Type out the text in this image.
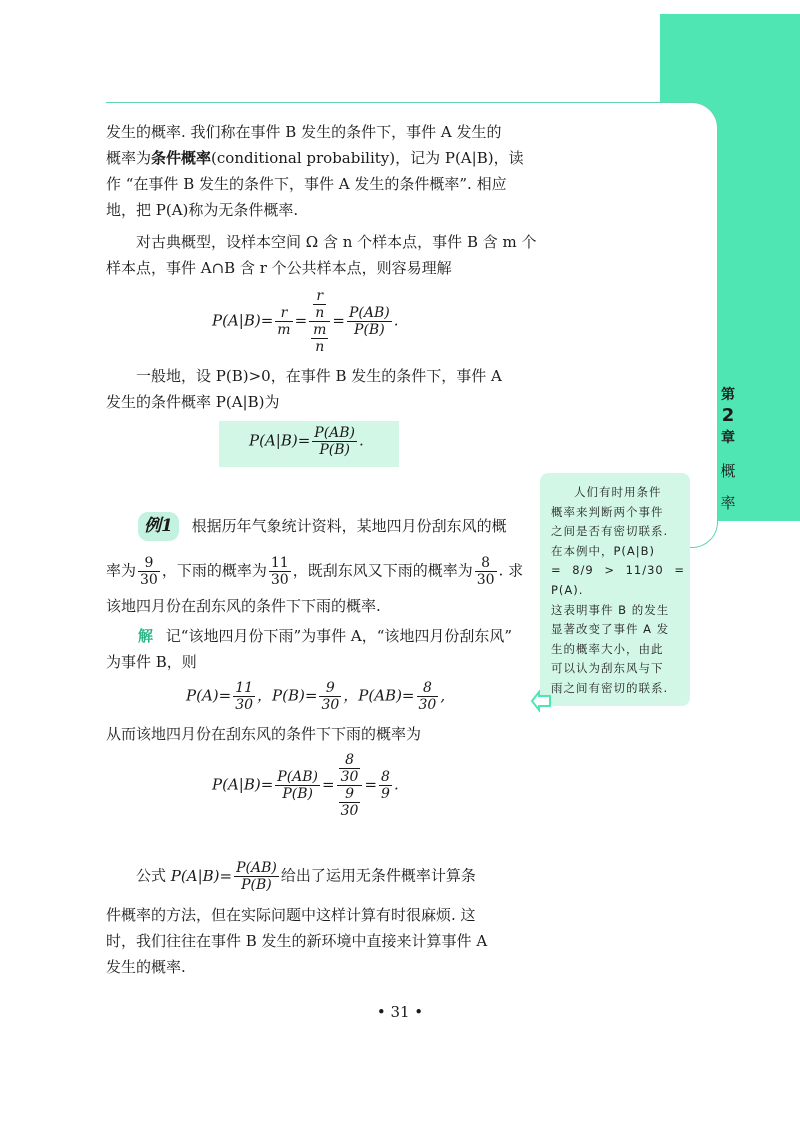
发生的概率. 我们称在事件 B 发生的条件下，事件 A 发生的
概率为条件概率(conditional probability)，记为 P(A|B)，读
作 “在事件 B 发生的条件下，事件 A 发生的条件概率”. 相应
地，把 P(A)称为无条件概率.
对古典概型，设样本空间 Ω 含 n 个样本点，事件 B 含 m 个
样本点，事件 A∩B 含 r 个公共样本点，则容易理解
$P(A|B)= \frac{r}{m} = \frac{\frac{r}{n}}{\frac{m}{n}} = \frac{P(AB)}{P(B)}$ .
一般地，设 P(B)>0，在事件 B 发生的条件下，事件 A
发生的条件概率 P(A|B)为
$P(A|B)= \frac{P(AB)}{P(B)}$ .
例1 根据历年气象统计资料，某地四月份刮东风的概
率为 $\frac{9}{30}$ ，下雨的概率为 $\frac{11}{30}$ ，既刮东风又下雨的概率为 $\frac{8}{30}$ . 求
该地四月份在刮东风的条件下下雨的概率.
解 记“该地四月份下雨”为事件 A，“该地四月份刮东风”
为事件 B，则
$P(A)= \frac{11}{30}$ ，$P(B)= \frac{9}{30}$ ，$P(AB)= \frac{8}{30}$ ,
从而该地四月份在刮东风的条件下下雨的概率为
$P(A|B)= \frac{P(AB)}{P(B)} = \frac{\frac{8}{30}}{\frac{9}{30}} = \frac{8}{9}$ .
公式 $P(A|B)= \frac{P(AB)}{P(B)}$ 给出了运用无条件概率计算条
件概率的方法，但在实际问题中这样计算有时很麻烦. 这
时，我们往往在事件 B 发生的新环境中直接来计算事件 A
发生的概率.
人们有时用条件
概率来判断两个事件
之间是否有密切联系.
在本例中，P(A|B)
= 8/9 > 11/30 = P(A).
这表明事件 B 的发生
显著改变了事件 A 发
生的概率大小，由此
可以认为刮东风与下
雨之间有密切的联系.
第
2
章
概
率
• 31 •
